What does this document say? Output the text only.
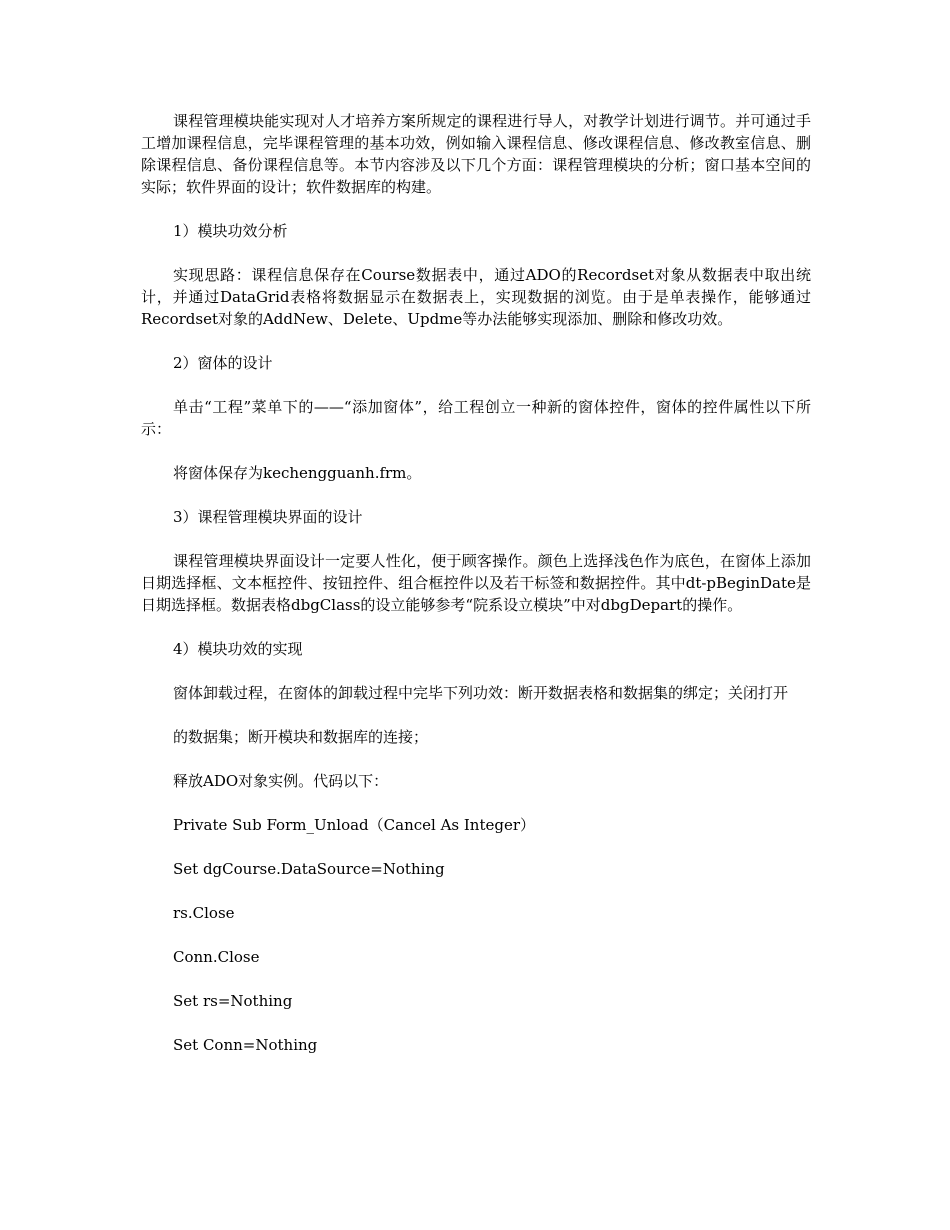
课程管理模块能实现对人才培养方案所规定的课程进行导人，对教学计划进行调节。并可通过手工增加课程信息，完毕课程管理的基本功效，例如输入课程信息、修改课程信息、修改教室信息、删除课程信息、备份课程信息等。本节内容涉及以下几个方面：课程管理模块的分析；窗口基本空间的实际；软件界面的设计；软件数据库的构建。

1）模块功效分析

实现思路：课程信息保存在Course数据表中，通过ADO的Recordset对象从数据表中取出统计，并通过DataGrid表格将数据显示在数据表上，实现数据的浏览。由于是单表操作，能够通过Recordset对象的AddNew、Delete、Updme等办法能够实现添加、删除和修改功效。

2）窗体的设计

单击“工程”菜单下的——“添加窗体”，给工程创立一种新的窗体控件，窗体的控件属性以下所示：

将窗体保存为kechengguanh.frm。

3）课程管理模块界面的设计

课程管理模块界面设计一定要人性化，便于顾客操作。颜色上选择浅色作为底色，在窗体上添加日期选择框、文本框控件、按钮控件、组合框控件以及若干标签和数据控件。其中dt-pBeginDate是日期选择框。数据表格dbgClass的设立能够参考“院系设立模块”中对dbgDepart的操作。

4）模块功效的实现

窗体卸载过程，在窗体的卸载过程中完毕下列功效：断开数据表格和数据集的绑定；关闭打开

的数据集；断开模块和数据库的连接；

释放ADO对象实例。代码以下：

Private Sub Form_Unload（Cancel As Integer）

Set dgCourse.DataSource=Nothing

rs.Close

Conn.Close

Set rs=Nothing

Set Conn=Nothing
